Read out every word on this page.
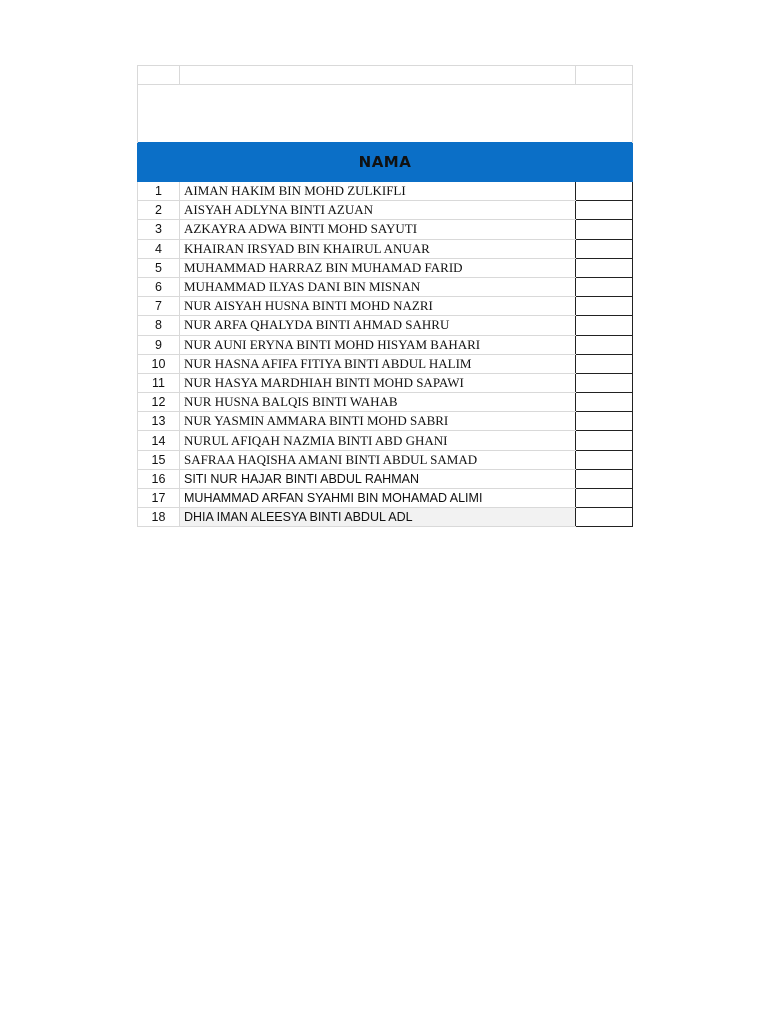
NAMA		
1	AIMAN HAKIM BIN MOHD ZULKIFLI	
2	AISYAH ADLYNA BINTI AZUAN	
3	AZKAYRA ADWA BINTI MOHD SAYUTI	
4	KHAIRAN IRSYAD BIN KHAIRUL ANUAR	
5	MUHAMMAD HARRAZ BIN MUHAMAD FARID	
6	MUHAMMAD ILYAS DANI BIN MISNAN	
7	NUR AISYAH HUSNA BINTI MOHD NAZRI	
8	NUR ARFA QHALYDA BINTI AHMAD SAHRU	
9	NUR AUNI ERYNA BINTI MOHD HISYAM BAHARI	
10	NUR HASNA AFIFA FITIYA BINTI ABDUL HALIM	
11	NUR HASYA MARDHIAH BINTI MOHD SAPAWI	
12	NUR HUSNA BALQIS BINTI WAHAB	
13	NUR YASMIN AMMARA BINTI MOHD SABRI	
14	NURUL AFIQAH NAZMIA BINTI ABD GHANI	
15	SAFRAA HAQISHA AMANI BINTI ABDUL SAMAD	
16	SITI NUR HAJAR BINTI ABDUL RAHMAN	
17	MUHAMMAD ARFAN SYAHMI BIN MOHAMAD ALIMI	
18	DHIA IMAN ALEESYA BINTI ABDUL ADL	
